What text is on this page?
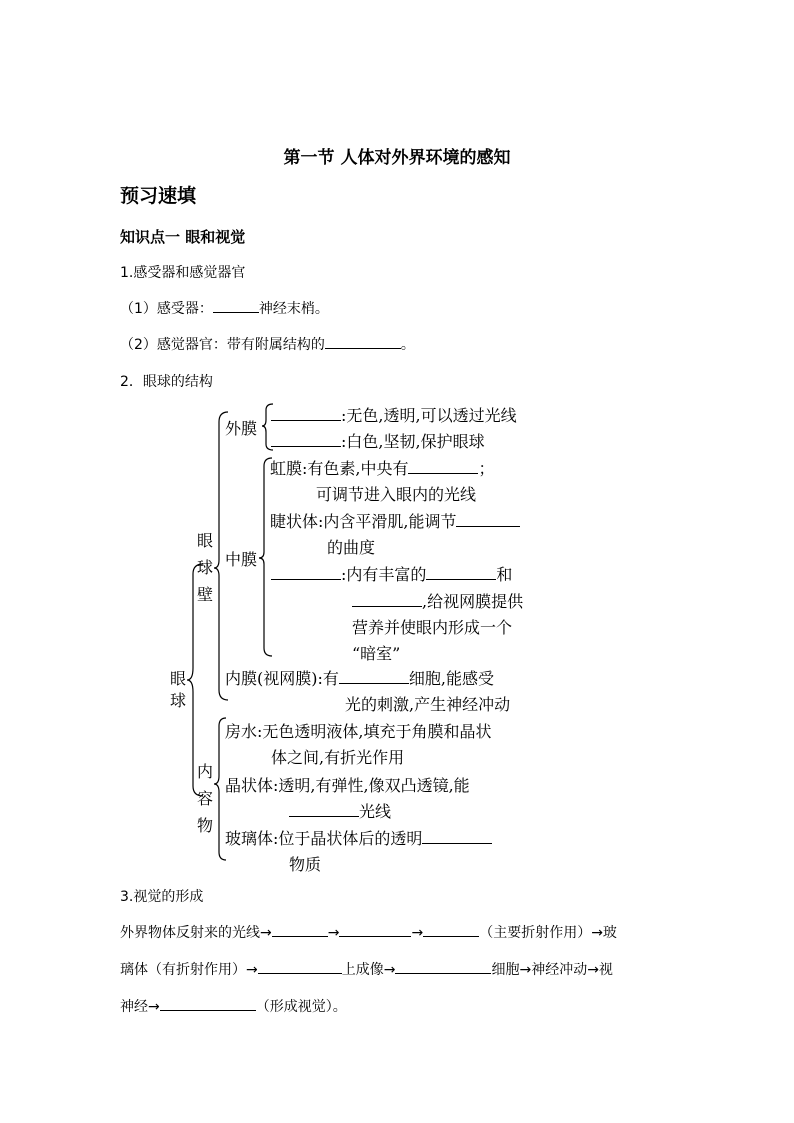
第一节 人体对外界环境的感知
预习速填
知识点一 眼和视觉
1.感受器和感觉器官
（1）感受器：	神经末梢。
（2）感觉器官：带有附属结构的	。
2．眼球的结构
眼球
眼球壁
外膜
:无色,透明,可以透过光线
:白色,坚韧,保护眼球
中膜
虹膜:有色素,中央有	；
可调节进入眼内的光线
睫状体:内含平滑肌,能调节
的曲度
:内有丰富的	和
,给视网膜提供
营养并使眼内形成一个
“暗室”
内膜(视网膜):有	细胞,能感受
光的刺激,产生神经冲动
内容物
房水:无色透明液体,填充于角膜和晶状
体之间,有折光作用
晶状体:透明,有弹性,像双凸透镜,能
光线
玻璃体:位于晶状体后的透明
物质
3.视觉的形成
外界物体反射来的光线→	→	→	（主要折射作用）→玻
璃体（有折射作用）→	上成像→	细胞→神经冲动→视
神经→	（形成视觉）。
